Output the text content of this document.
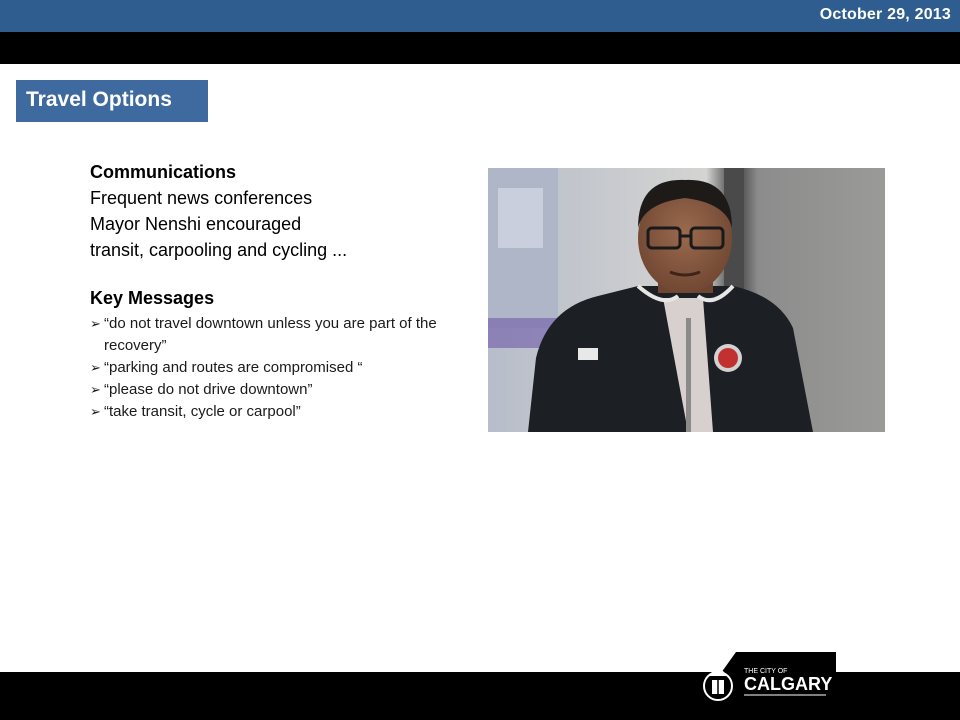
October 29, 2013
Travel Options
Communications
Frequent news conferences
Mayor Nenshi encouraged
transit, carpooling and cycling ...
Key Messages
➢ “do not travel downtown unless you are part of the recovery”
➢ “parking and routes are compromised “
➢ “please do not drive downtown”
➢ “take transit, cycle or carpool”
THE CITY OF
CALGARY
